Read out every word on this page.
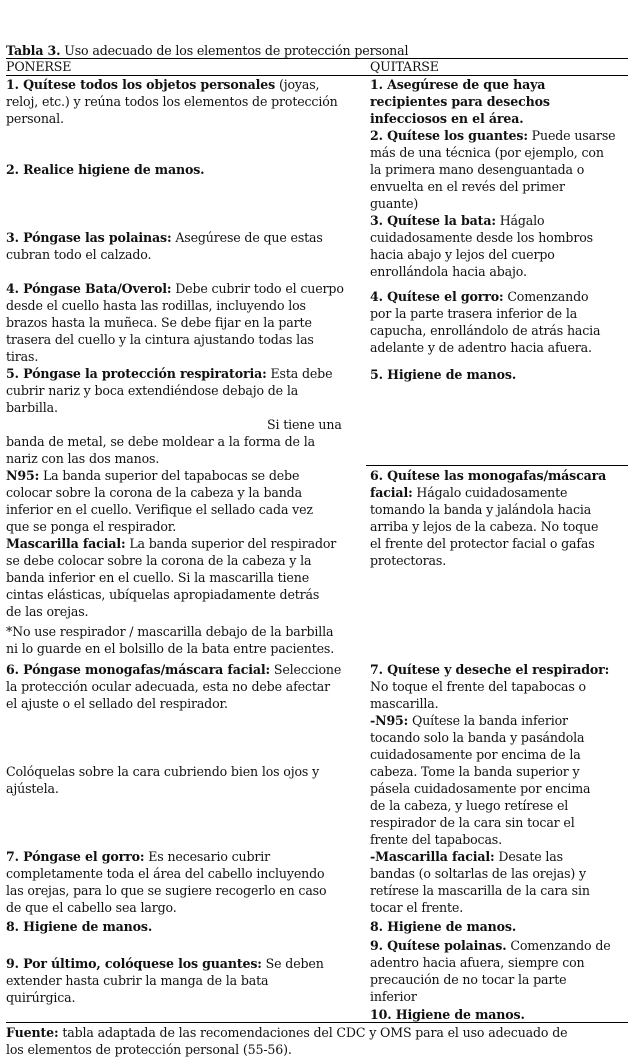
Tabla 3. Uso adecuado de los elementos de protección personal
PONERSE	QUITARSE
1. Quítese todos los objetos personales (joyas,
reloj, etc.) y reúna todos los elementos de protección
personal.
2. Realice higiene de manos.
3. Póngase las polainas: Asegúrese de que estas
cubran todo el calzado.
4. Póngase Bata/Overol: Debe cubrir todo el cuerpo
desde el cuello hasta las rodillas, incluyendo los
brazos hasta la muñeca. Se debe fijar en la parte
trasera del cuello y la cintura ajustando todas las
tiras.
5. Póngase la protección respiratoria: Esta debe
cubrir nariz y boca extendiéndose debajo de la
barbilla.
Si tiene una
banda de metal, se debe moldear a la forma de la
nariz con las dos manos.
N95: La banda superior del tapabocas se debe
colocar sobre la corona de la cabeza y la banda
inferior en el cuello. Verifique el sellado cada vez
que se ponga el respirador.
Mascarilla facial: La banda superior del respirador
se debe colocar sobre la corona de la cabeza y la
banda inferior en el cuello. Si la mascarilla tiene
cintas elásticas, ubíquelas apropiadamente detrás
de las orejas.
*No use respirador / mascarilla debajo de la barbilla
ni lo guarde en el bolsillo de la bata entre pacientes.
6. Póngase monogafas/máscara facial: Seleccione
la protección ocular adecuada, esta no debe afectar
el ajuste o el sellado del respirador.
Colóquelas sobre la cara cubriendo bien los ojos y
ajústela.
7. Póngase el gorro: Es necesario cubrir
completamente toda el área del cabello incluyendo
las orejas, para lo que se sugiere recogerlo en caso
de que el cabello sea largo.
8. Higiene de manos.
9. Por último, colóquese los guantes: Se deben
extender hasta cubrir la manga de la bata
quirúrgica.
1. Asegúrese de que haya
recipientes para desechos
infecciosos en el área.
2. Quítese los guantes: Puede usarse
más de una técnica (por ejemplo, con
la primera mano desenguantada o
envuelta en el revés del primer
guante)
3. Quítese la bata: Hágalo
cuidadosamente desde los hombros
hacia abajo y lejos del cuerpo
enrollándola hacia abajo.
4. Quítese el gorro: Comenzando
por la parte trasera inferior de la
capucha, enrollándolo de atrás hacia
adelante y de adentro hacia afuera.
5. Higiene de manos.
6. Quítese las monogafas/máscara
facial: Hágalo cuidadosamente
tomando la banda y jalándola hacia
arriba y lejos de la cabeza. No toque
el frente del protector facial o gafas
protectoras.
7. Quítese y deseche el respirador:
No toque el frente del tapabocas o
mascarilla.
-N95: Quítese la banda inferior
tocando solo la banda y pasándola
cuidadosamente por encima de la
cabeza. Tome la banda superior y
pásela cuidadosamente por encima
de la cabeza, y luego retírese el
respirador de la cara sin tocar el
frente del tapabocas.
-Mascarilla facial: Desate las
bandas (o soltarlas de las orejas) y
retírese la mascarilla de la cara sin
tocar el frente.
8. Higiene de manos.
9. Quítese polainas. Comenzando de
adentro hacia afuera, siempre con
precaución de no tocar la parte
inferior
10. Higiene de manos.
Fuente: tabla adaptada de las recomendaciones del CDC y OMS para el uso adecuado de
los elementos de protección personal (55-56).
